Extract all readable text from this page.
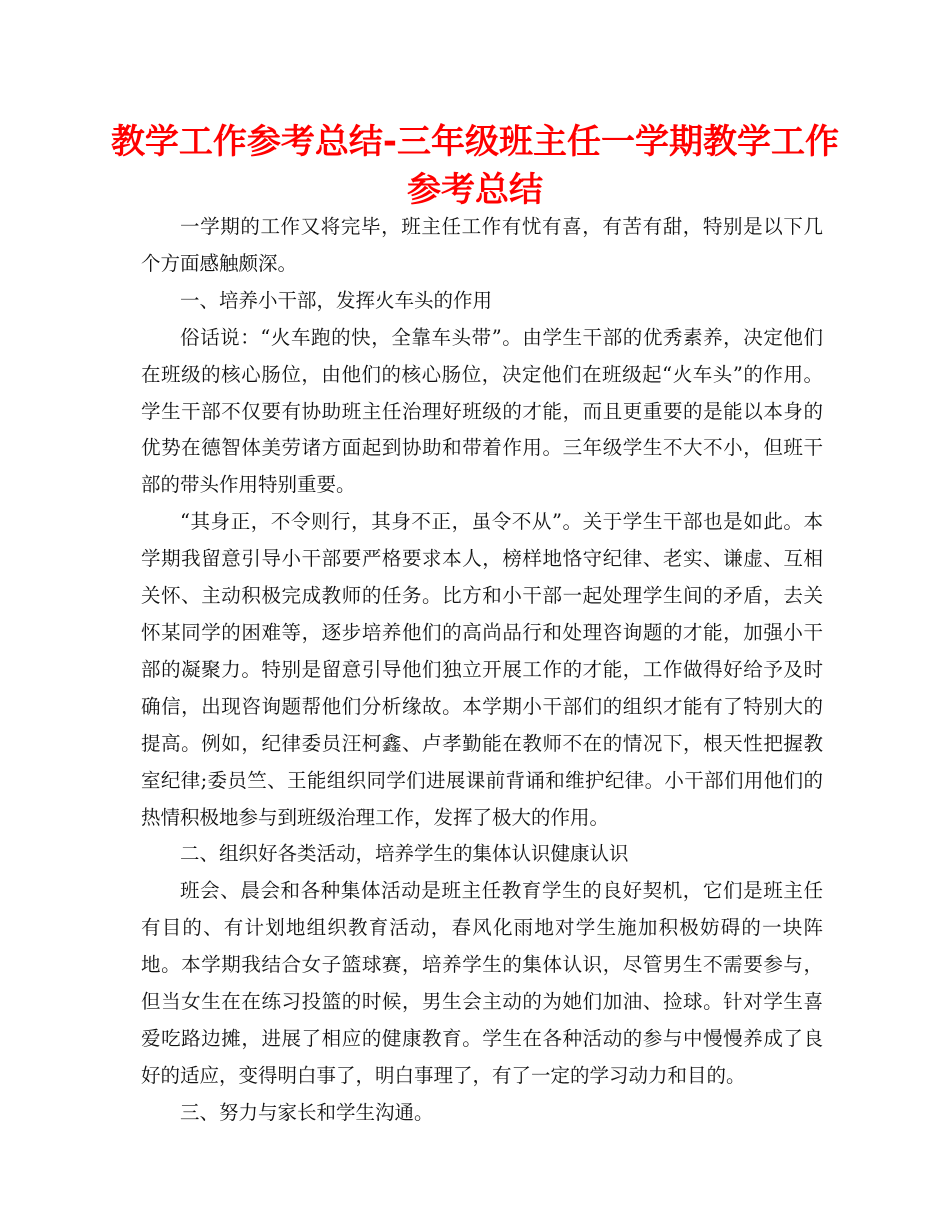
教学工作参考总结-三年级班主任一学期教学工作参考总结

一学期的工作又将完毕，班主任工作有忧有喜，有苦有甜，特别是以下几个方面感触颇深。

一、培养小干部，发挥火车头的作用

俗话说：“火车跑的快，全靠车头带”。由学生干部的优秀素养，决定他们在班级的核心肠位，由他们的核心肠位，决定他们在班级起“火车头”的作用。学生干部不仅要有协助班主任治理好班级的才能，而且更重要的是能以本身的优势在德智体美劳诸方面起到协助和带着作用。三年级学生不大不小，但班干部的带头作用特别重要。

“其身正，不令则行，其身不正，虽令不从”。关于学生干部也是如此。本学期我留意引导小干部要严格要求本人，榜样地恪守纪律、老实、谦虚、互相关怀、主动积极完成教师的任务。比方和小干部一起处理学生间的矛盾，去关怀某同学的困难等，逐步培养他们的高尚品行和处理咨询题的才能，加强小干部的凝聚力。特别是留意引导他们独立开展工作的才能，工作做得好给予及时确信，出现咨询题帮他们分析缘故。本学期小干部们的组织才能有了特别大的提高。例如，纪律委员汪柯鑫、卢孝勤能在教师不在的情况下，根天性把握教室纪律;委员竺、王能组织同学们进展课前背诵和维护纪律。小干部们用他们的热情积极地参与到班级治理工作，发挥了极大的作用。

二、组织好各类活动，培养学生的集体认识健康认识

班会、晨会和各种集体活动是班主任教育学生的良好契机，它们是班主任有目的、有计划地组织教育活动，春风化雨地对学生施加积极妨碍的一块阵地。本学期我结合女子篮球赛，培养学生的集体认识，尽管男生不需要参与，但当女生在在练习投篮的时候，男生会主动的为她们加油、捡球。针对学生喜爱吃路边摊，进展了相应的健康教育。学生在各种活动的参与中慢慢养成了良好的适应，变得明白事了，明白事理了，有了一定的学习动力和目的。

三、努力与家长和学生沟通。
